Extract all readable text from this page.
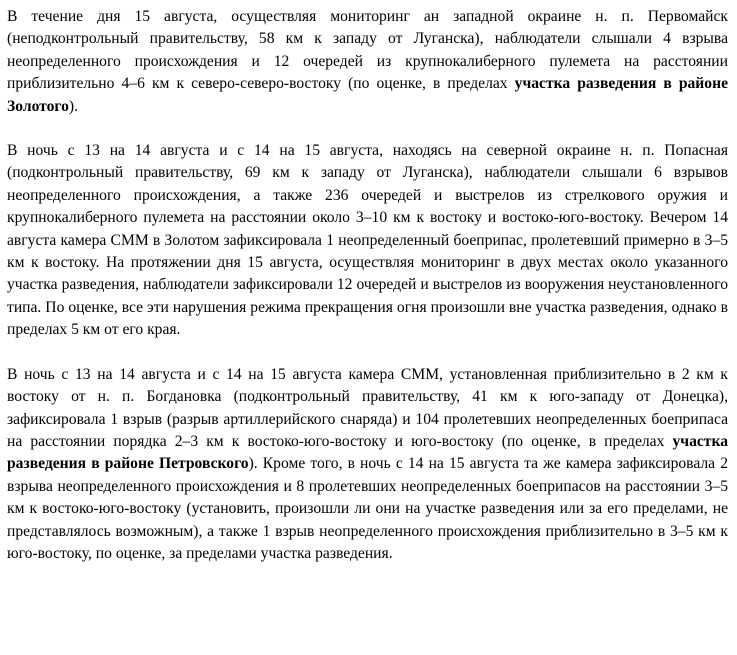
В течение дня 15 августа, осуществляя мониторинг ан западной окраине н. п. Первомайск (неподконтрольный правительству, 58 км к западу от Луганска), наблюдатели слышали 4 взрыва неопределенного происхождения и 12 очередей из крупнокалиберного пулемета на расстоянии приблизительно 4–6 км к северо-северо-востоку (по оценке, в пределах участка разведения в районе Золотого).

В ночь с 13 на 14 августа и с 14 на 15 августа, находясь на северной окраине н. п. Попасная (подконтрольный правительству, 69 км к западу от Луганска), наблюдатели слышали 6 взрывов неопределенного происхождения, а также 236 очередей и выстрелов из стрелкового оружия и крупнокалиберного пулемета на расстоянии около 3–10 км к востоку и востоко-юго-востоку. Вечером 14 августа камера СММ в Золотом зафиксировала 1 неопределенный боеприпас, пролетевший примерно в 3–5 км к востоку. На протяжении дня 15 августа, осуществляя мониторинг в двух местах около указанного участка разведения, наблюдатели зафиксировали 12 очередей и выстрелов из вооружения неустановленного типа. По оценке, все эти нарушения режима прекращения огня произошли вне участка разведения, однако в пределах 5 км от его края.

В ночь с 13 на 14 августа и с 14 на 15 августа камера СММ, установленная приблизительно в 2 км к востоку от н. п. Богдановка (подконтрольный правительству, 41 км к юго-западу от Донецка), зафиксировала 1 взрыв (разрыв артиллерийского снаряда) и 104 пролетевших неопределенных боеприпаса на расстоянии порядка 2–3 км к востоко-юго-востоку и юго-востоку (по оценке, в пределах участка разведения в районе Петровского). Кроме того, в ночь с 14 на 15 августа та же камера зафиксировала 2 взрыва неопределенного происхождения и 8 пролетевших неопределенных боеприпасов на расстоянии 3–5 км к востоко-юго-востоку (установить, произошли ли они на участке разведения или за его пределами, не представлялось возможным), а также 1 взрыв неопределенного происхождения приблизительно в 3–5 км к юго-востоку, по оценке, за пределами участка разведения.
